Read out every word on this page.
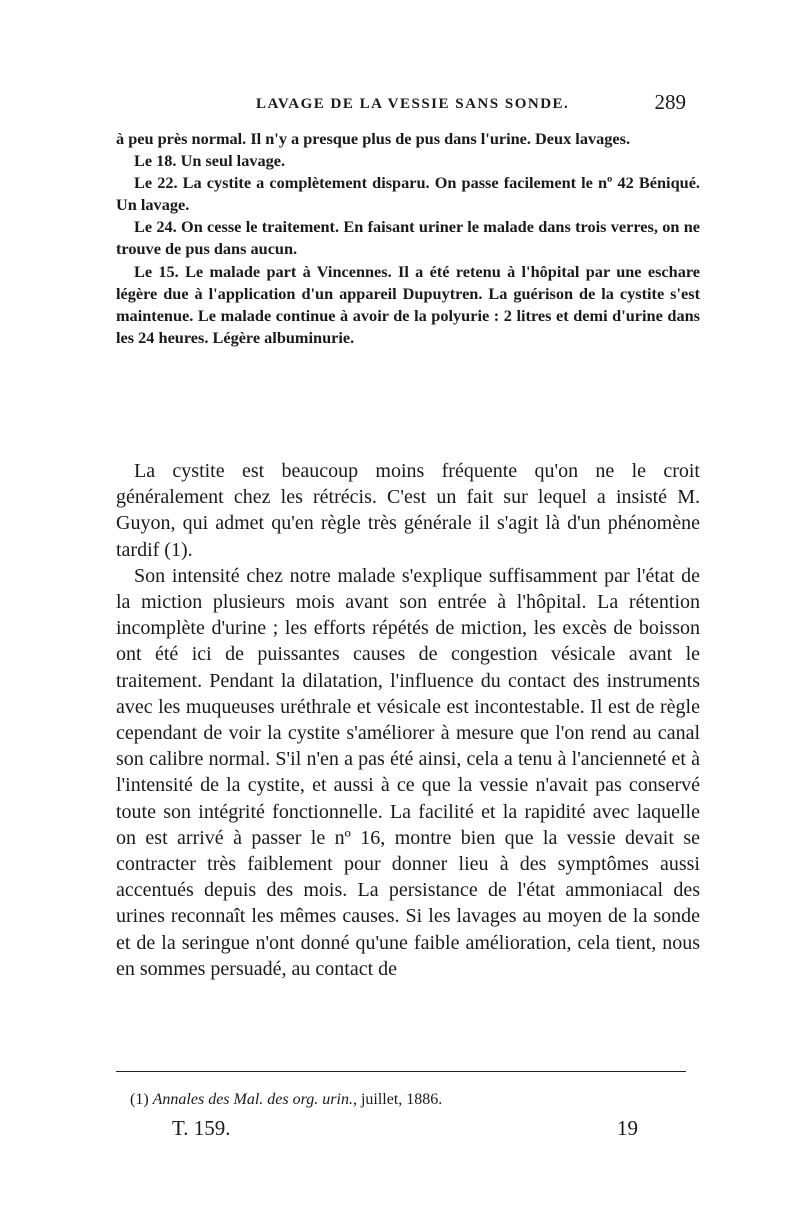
LAVAGE DE LA VESSIE SANS SONDE.	289

à peu près normal. Il n'y a presque plus de pus dans l'urine. Deux lavages.

Le 18. Un seul lavage.

Le 22. La cystite a complètement disparu. On passe facilement le nº 42 Béniqué. Un lavage.

Le 24. On cesse le traitement. En faisant uriner le malade dans trois verres, on ne trouve de pus dans aucun.

Le 15. Le malade part à Vincennes. Il a été retenu à l'hôpital par une eschare légère due à l'application d'un appareil Dupuytren. La guérison de la cystite s'est maintenue. Le malade continue à avoir de la polyurie : 2 litres et demi d'urine dans les 24 heures. Légère albuminurie.

La cystite est beaucoup moins fréquente qu'on ne le croit généralement chez les rétrécis. C'est un fait sur lequel a insisté M. Guyon, qui admet qu'en règle très générale il s'agit là d'un phénomène tardif (1).

Son intensité chez notre malade s'explique suffisamment par l'état de la miction plusieurs mois avant son entrée à l'hôpital. La rétention incomplète d'urine ; les efforts répétés de miction, les excès de boisson ont été ici de puissantes causes de congestion vésicale avant le traitement. Pendant la dilatation, l'influence du contact des instruments avec les muqueuses uréthrale et vésicale est incontestable. Il est de règle cependant de voir la cystite s'améliorer à mesure que l'on rend au canal son calibre normal. S'il n'en a pas été ainsi, cela a tenu à l'ancienneté et à l'intensité de la cystite, et aussi à ce que la vessie n'avait pas conservé toute son intégrité fonctionnelle. La facilité et la rapidité avec laquelle on est arrivé à passer le nº 16, montre bien que la vessie devait se contracter très faiblement pour donner lieu à des symptômes aussi accentués depuis des mois. La persistance de l'état ammoniacal des urines reconnaît les mêmes causes. Si les lavages au moyen de la sonde et de la seringue n'ont donné qu'une faible amélioration, cela tient, nous en sommes persuadé, au contact de

(1) Annales des Mal. des org. urin., juillet, 1886.
T. 159.	19
